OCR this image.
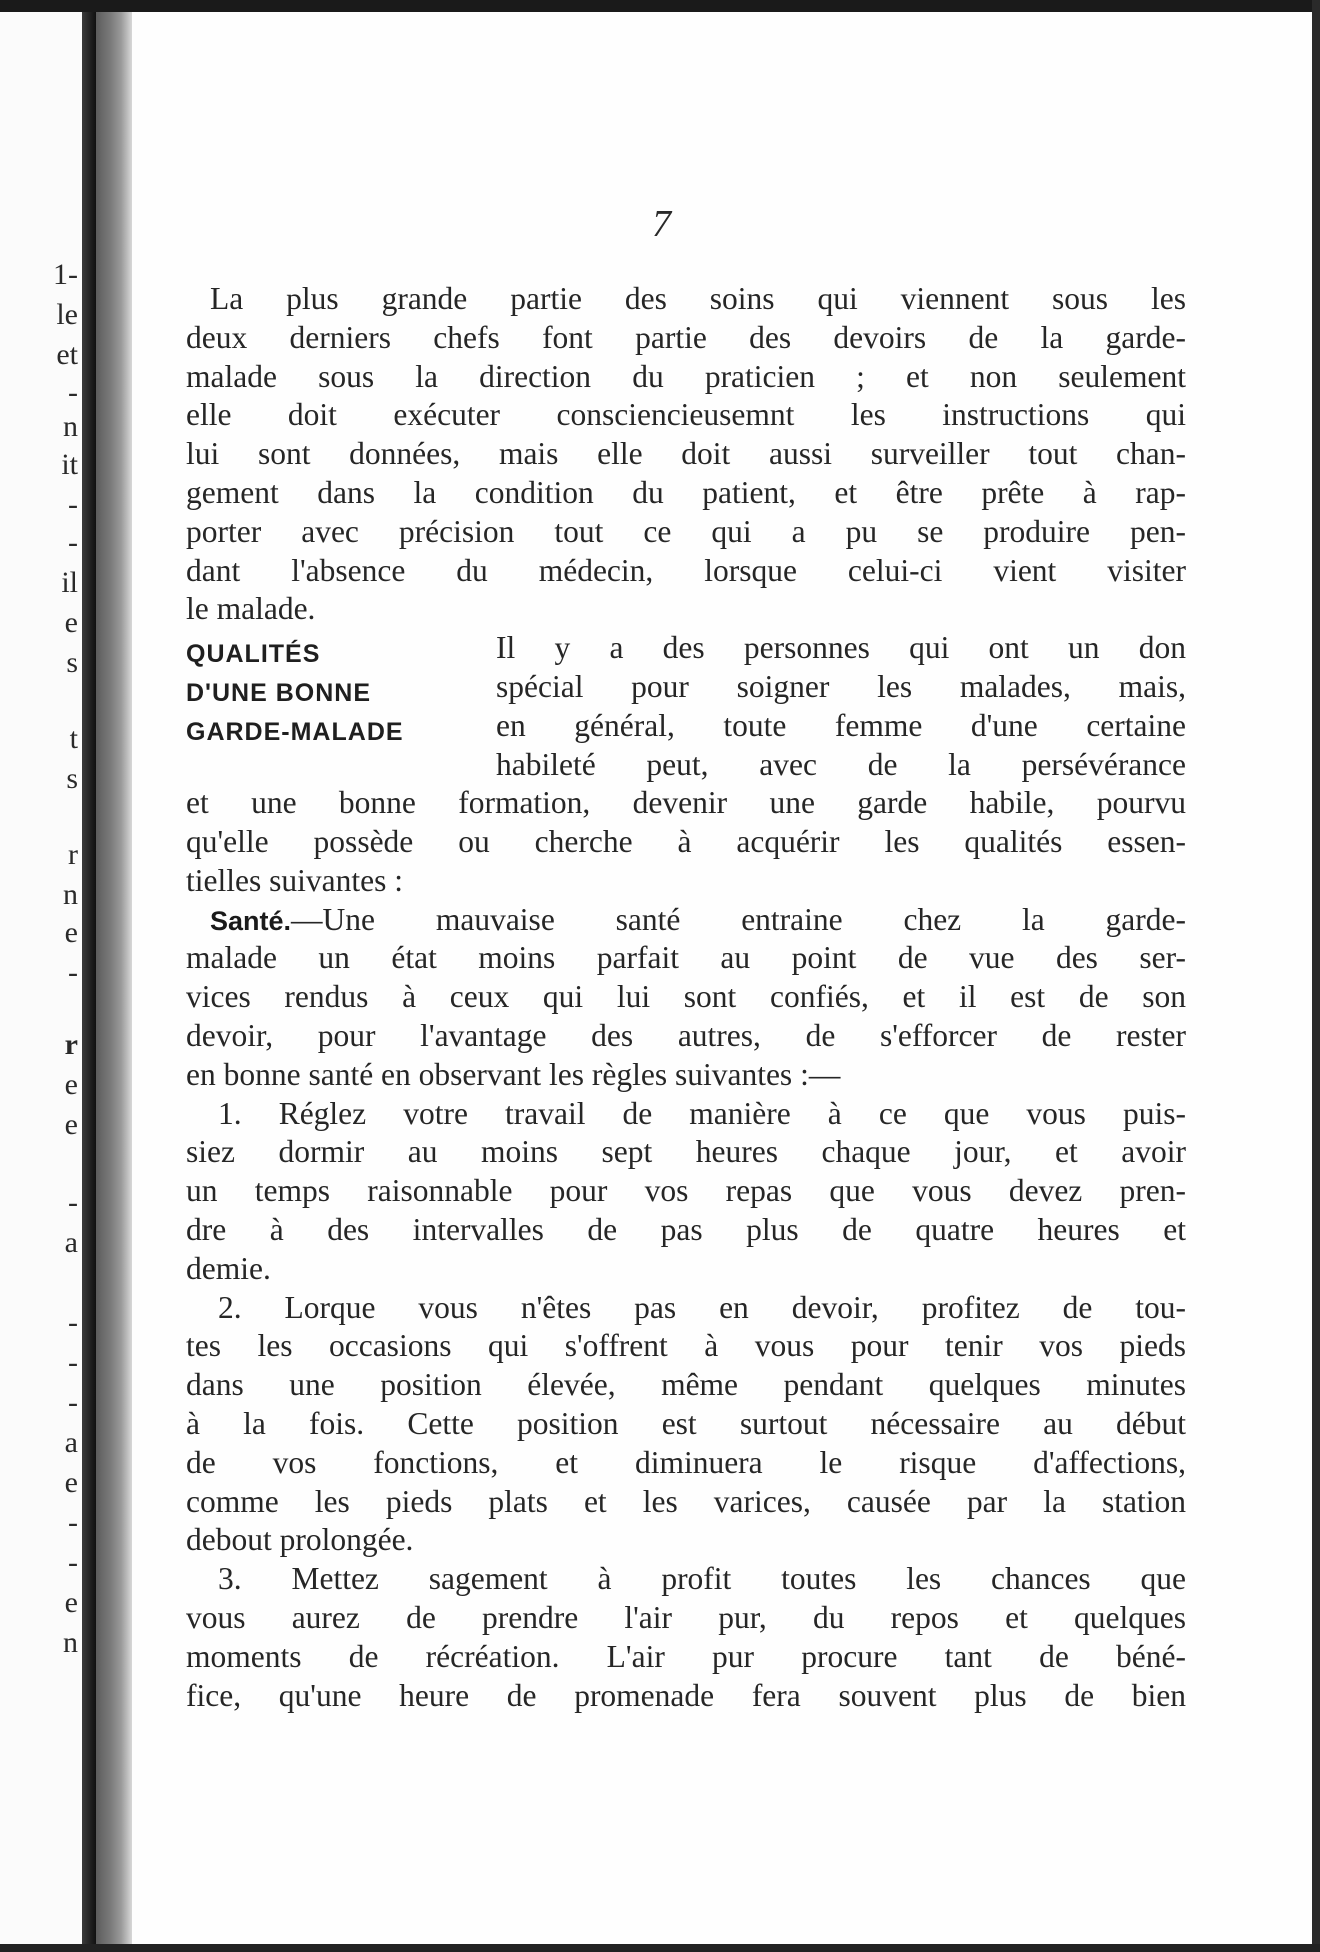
1-
le
et
-
n
it
-
-
il
e
s
t
s
r
n
e
-
r
e
e
-
a
-
-
-
a
e
-
-
e
n
7
La plus grande partie des soins qui viennent sous les
deux derniers chefs font partie des devoirs de la garde-
malade sous la direction du praticien ; et non seulement
elle doit exécuter consciencieusemnt les instructions qui
lui sont données, mais elle doit aussi surveiller tout chan-
gement dans la condition du patient, et être prête à rap-
porter avec précision tout ce qui a pu se produire pen-
dant l'absence du médecin, lorsque celui-ci vient visiter
le malade.
QUALITÉS
D'UNE BONNE
GARDE-MALADE
Il y a des personnes qui ont un don
spécial pour soigner les malades, mais,
en général, toute femme d'une certaine
habileté peut, avec de la persévérance
et une bonne formation, devenir une garde habile, pourvu
qu'elle possède ou cherche à acquérir les qualités essen-
tielles suivantes :
Santé.—Une mauvaise santé entraine chez la garde-
malade un état moins parfait au point de vue des ser-
vices rendus à ceux qui lui sont confiés, et il est de son
devoir, pour l'avantage des autres, de s'efforcer de rester
en bonne santé en observant les règles suivantes :—
1. Réglez votre travail de manière à ce que vous puis-
siez dormir au moins sept heures chaque jour, et avoir
un temps raisonnable pour vos repas que vous devez pren-
dre à des intervalles de pas plus de quatre heures et
demie.
2. Lorque vous n'êtes pas en devoir, profitez de tou-
tes les occasions qui s'offrent à vous pour tenir vos pieds
dans une position élevée, même pendant quelques minutes
à la fois. Cette position est surtout nécessaire au début
de vos fonctions, et diminuera le risque d'affections,
comme les pieds plats et les varices, causée par la station
debout prolongée.
3. Mettez sagement à profit toutes les chances que
vous aurez de prendre l'air pur, du repos et quelques
moments de récréation. L'air pur procure tant de béné-
fice, qu'une heure de promenade fera souvent plus de bien
